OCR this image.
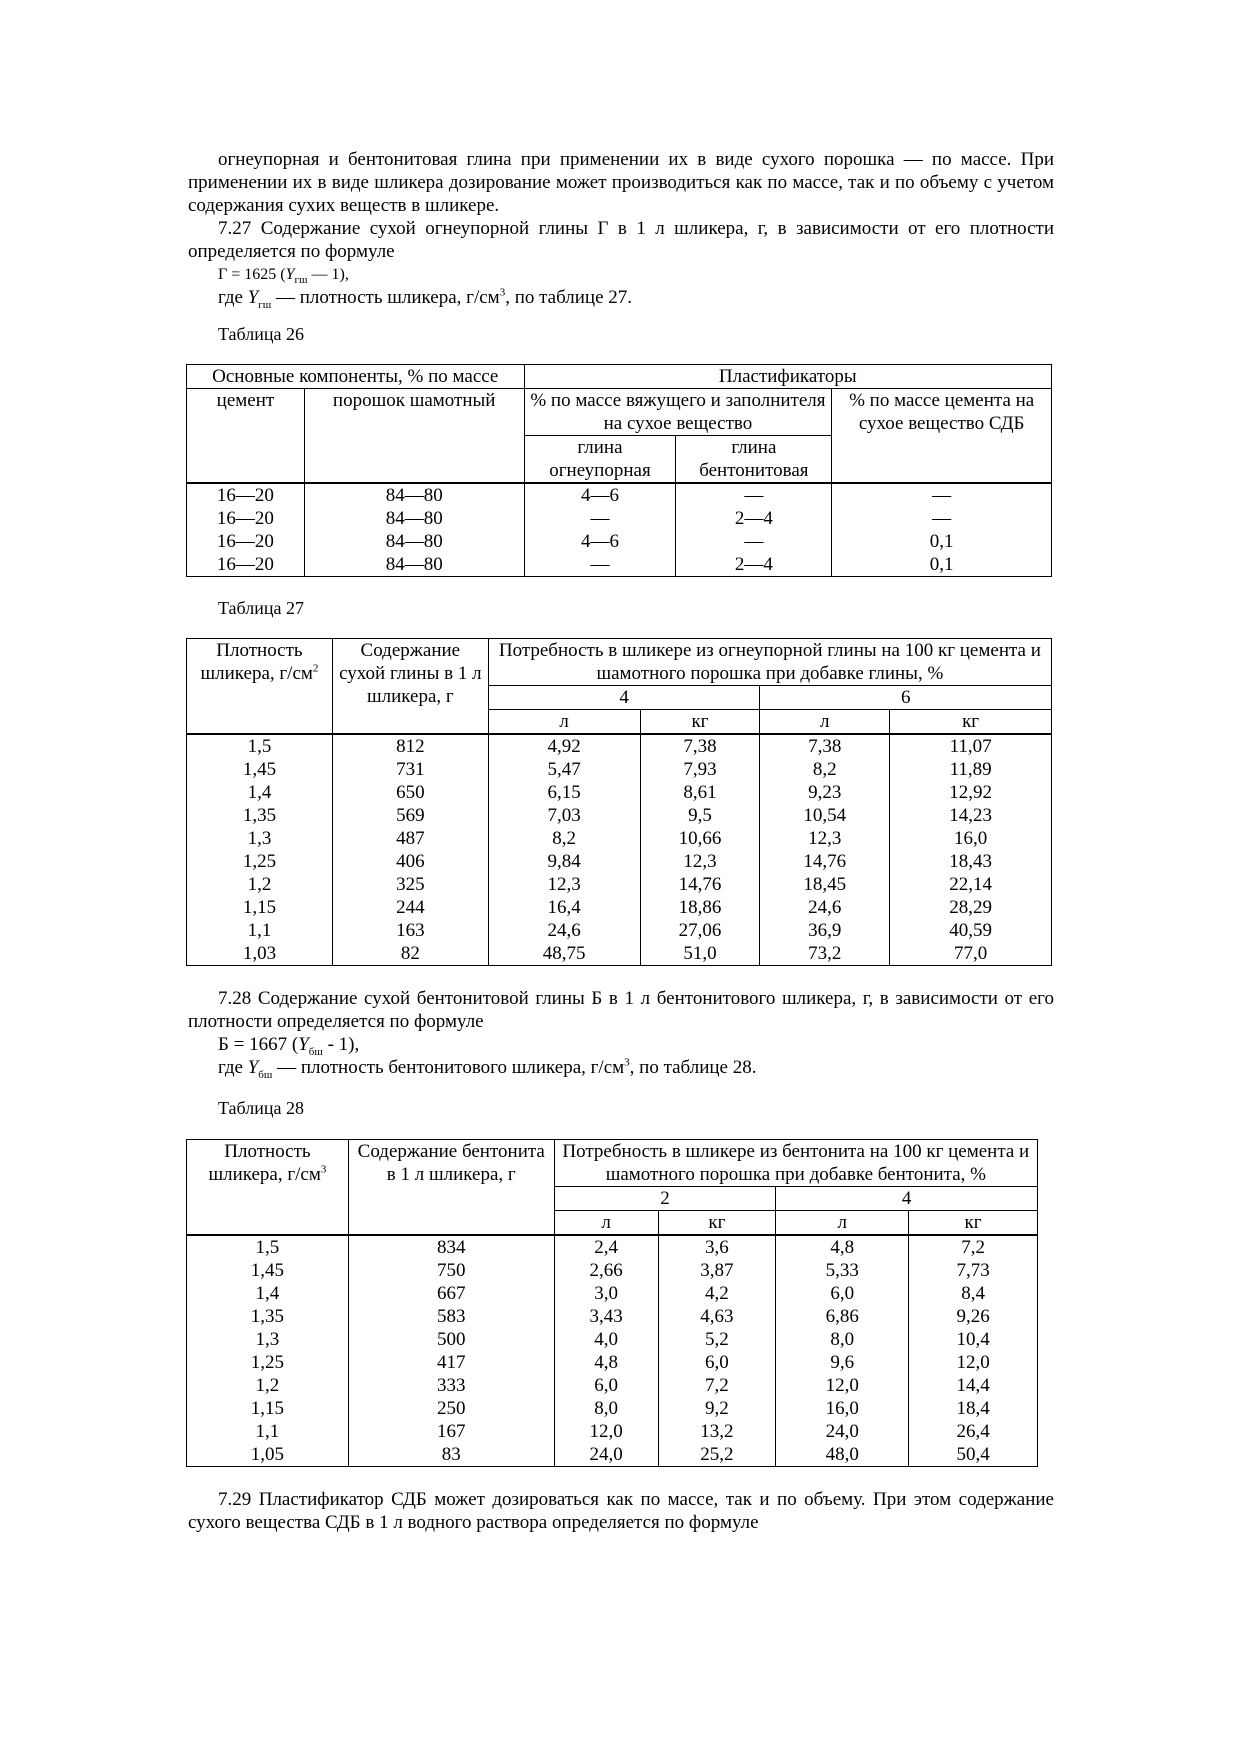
огнеупорная и бентонитовая глина при применении их в виде сухого порошка — по массе. При применении их в виде шликера дозирование может производиться как по массе, так и по объему с учетом содержания сухих веществ в шликере.

7.27 Содержание сухой огнеупорной глины Г в 1 л шликера, г, в зависимости от его плотности определяется по формуле

Г = 1625 ($Y_{гш}$ — 1),

где $Y_{гш}$ — плотность шликера, $г/см^3$, по таблице 27.

Таблица 26

Основные компоненты, % по массе		Пластификаторы		
цемент	порошок шамотный	% по массе вяжущего и заполнителя на сухое вещество		% по массе цемента на сухое вещество СДБ
		глина огнеупорная	глина бентонитовая	
16—20	84—80	4—6	—	—
16—20	84—80	—	2—4	—
16—20	84—80	4—6	—	0,1
16—20	84—80	—	2—4	0,1

Таблица 27

Плотность шликера, $г/см^2$	Содержание сухой глины в 1 л шликера, г	Потребность в шликере из огнеупорной глины на 100 кг цемента и шамотного порошка при добавке глины, %			
		4		6	
		л	кг	л	кг
1,5	812	4,92	7,38	7,38	11,07
1,45	731	5,47	7,93	8,2	11,89
1,4	650	6,15	8,61	9,23	12,92
1,35	569	7,03	9,5	10,54	14,23
1,3	487	8,2	10,66	12,3	16,0
1,25	406	9,84	12,3	14,76	18,43
1,2	325	12,3	14,76	18,45	22,14
1,15	244	16,4	18,86	24,6	28,29
1,1	163	24,6	27,06	36,9	40,59
1,03	82	48,75	51,0	73,2	77,0

7.28 Содержание сухой бентонитовой глины Б в 1 л бентонитового шликера, г, в зависимости от его плотности определяется по формуле

Б = 1667 $(Y_{бш} - 1)$,

где $Y_{бш}$ — плотность бентонитового шликера, $г/см^3$, по таблице 28.

Таблица 28

Плотность шликера, $г/см^3$	Содержание бентонита в 1 л шликера, г	Потребность в шликере из бентонита на 100 кг цемента и шамотного порошка при добавке бентонита, %			
		2		4	
		л	кг	л	кг
1,5	834	2,4	3,6	4,8	7,2
1,45	750	2,66	3,87	5,33	7,73
1,4	667	3,0	4,2	6,0	8,4
1,35	583	3,43	4,63	6,86	9,26
1,3	500	4,0	5,2	8,0	10,4
1,25	417	4,8	6,0	9,6	12,0
1,2	333	6,0	7,2	12,0	14,4
1,15	250	8,0	9,2	16,0	18,4
1,1	167	12,0	13,2	24,0	26,4
1,05	83	24,0	25,2	48,0	50,4

7.29 Пластификатор СДБ может дозироваться как по массе, так и по объему. При этом содержание сухого вещества СДБ в 1 л водного раствора определяется по формуле
